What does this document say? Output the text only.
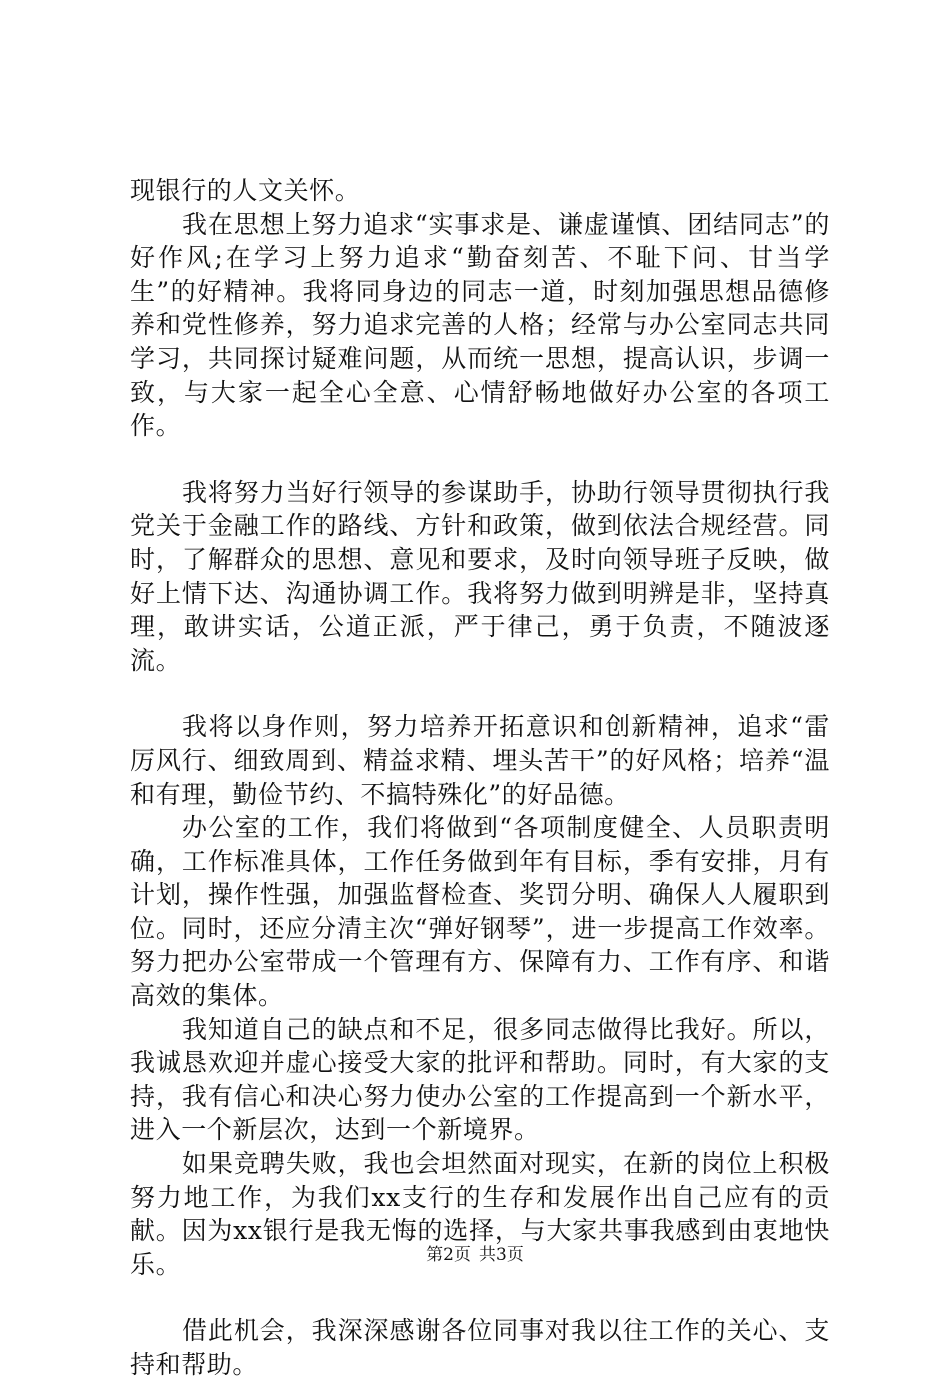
现银行的人文关怀。

我在思想上努力追求“实事求是、谦虚谨慎、团结同志”的好作风;在学习上努力追求“勤奋刻苦、不耻下问、甘当学生”的好精神。我将同身边的同志一道，时刻加强思想品德修养和党性修养，努力追求完善的人格；经常与办公室同志共同学习，共同探讨疑难问题，从而统一思想，提高认识，步调一致，与大家一起全心全意、心情舒畅地做好办公室的各项工作。

我将努力当好行领导的参谋助手，协助行领导贯彻执行我党关于金融工作的路线、方针和政策，做到依法合规经营。同时，了解群众的思想、意见和要求，及时向领导班子反映，做好上情下达、沟通协调工作。我将努力做到明辨是非，坚持真理，敢讲实话，公道正派，严于律己，勇于负责，不随波逐流。

我将以身作则，努力培养开拓意识和创新精神，追求“雷厉风行、细致周到、精益求精、埋头苦干”的好风格；培养“温和有理，勤俭节约、不搞特殊化”的好品德。

办公室的工作，我们将做到“各项制度健全、人员职责明确，工作标准具体，工作任务做到年有目标，季有安排，月有计划，操作性强，加强监督检查、奖罚分明、确保人人履职到位。同时，还应分清主次“弹好钢琴”，进一步提高工作效率。努力把办公室带成一个管理有方、保障有力、工作有序、和谐高效的集体。

我知道自己的缺点和不足，很多同志做得比我好。所以，我诚恳欢迎并虚心接受大家的批评和帮助。同时，有大家的支持，我有信心和决心努力使办公室的工作提高到一个新水平，进入一个新层次，达到一个新境界。

如果竞聘失败，我也会坦然面对现实，在新的岗位上积极努力地工作，为我们xx支行的生存和发展作出自己应有的贡献。因为xx银行是我无悔的选择，与大家共事我感到由衷地快乐。

借此机会，我深深感谢各位同事对我以往工作的关心、支持和帮助。

第2页 共3页
